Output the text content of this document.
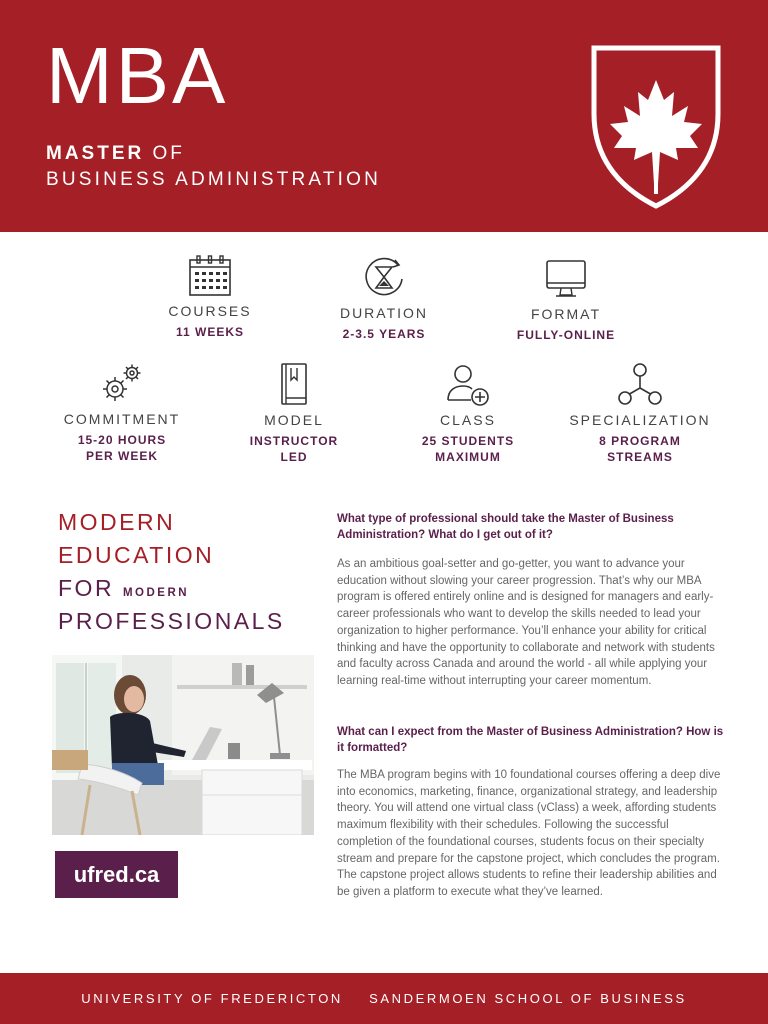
MBA
MASTER OF
BUSINESS ADMINISTRATION
COURSES
11 WEEKS
DURATION
2-3.5 YEARS
FORMAT
FULLY-ONLINE
COMMITMENT
15-20 HOURS
PER WEEK
MODEL
INSTRUCTOR
LED
CLASS
25 STUDENTS
MAXIMUM
SPECIALIZATION
8 PROGRAM
STREAMS
MODERN
EDUCATION
FOR MODERN
PROFESSIONALS
ufred.ca
What type of professional should take the Master of Business Administration? What do I get out of it?
As an ambitious goal-setter and go-getter, you want to advance your education without slowing your career progression. That’s why our MBA program is offered entirely online and is designed for managers and early-career professionals who want to develop the skills needed to lead your organization to higher performance. You’ll enhance your ability for critical thinking and have the opportunity to collaborate and network with students and faculty across Canada and around the world - all while applying your learning real-time without interrupting your career momentum.
What can I expect from the Master of Business Administration? How is it formatted?
The MBA program begins with 10 foundational courses offering a deep dive into economics, marketing, finance, organizational strategy, and leadership theory. You will attend one virtual class (vClass) a week, affording students maximum flexibility with their schedules. Following the successful completion of the foundational courses, students focus on their specialty stream and prepare for the capstone project, which concludes the program. The capstone project allows students to refine their leadership abilities and be given a platform to execute what they’ve learned.
UNIVERSITY OF FREDERICTON SANDERMOEN SCHOOL OF BUSINESS
